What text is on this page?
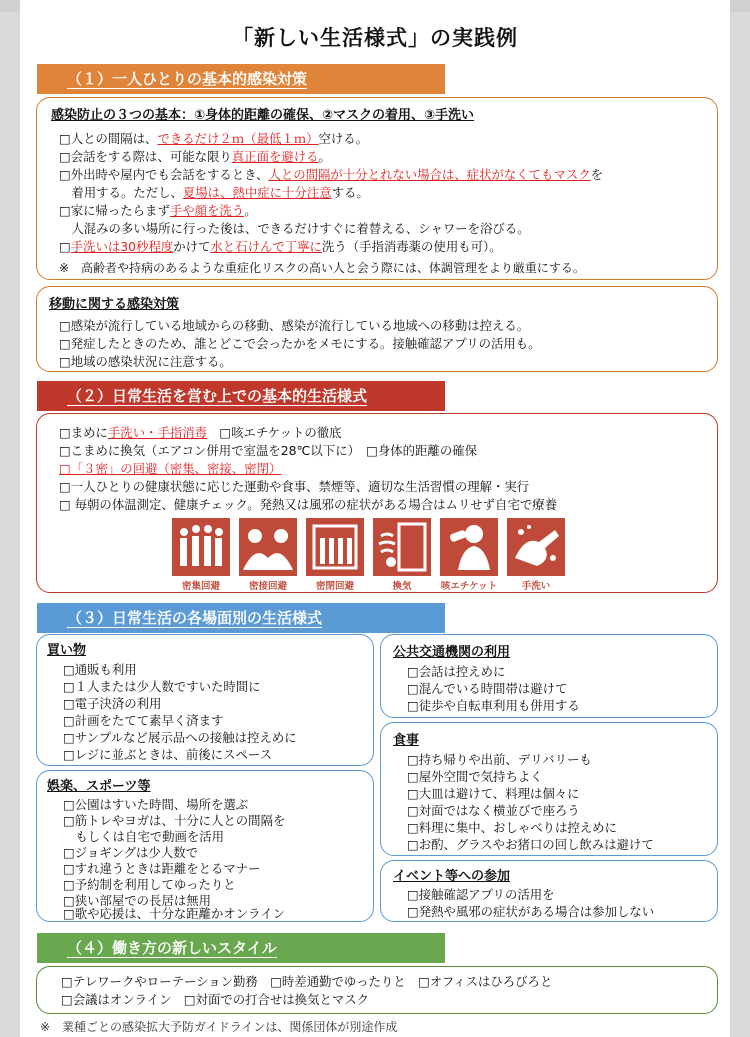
「新しい生活様式」の実践例
（１）一人ひとりの基本的感染対策
感染防止の３つの基本：①身体的距離の確保、②マスクの着用、③手洗い
□人との間隔は、できるだけ２ｍ（最低１ｍ）空ける。
□会話をする際は、可能な限り真正面を避ける。
□外出時や屋内でも会話をするとき、人との間隔が十分とれない場合は、症状がなくてもマスクを
　着用する。ただし、夏場は、熱中症に十分注意する。
□家に帰ったらまず手や顔を洗う。
　人混みの多い場所に行った後は、できるだけすぐに着替える、シャワーを浴びる。
□手洗いは30秒程度かけて水と石けんで丁寧に洗う（手指消毒薬の使用も可）。
※　高齢者や持病のあるような重症化リスクの高い人と会う際には、体調管理をより厳重にする。
移動に関する感染対策
□感染が流行している地域からの移動、感染が流行している地域への移動は控える。
□発症したときのため、誰とどこで会ったかをメモにする。接触確認アプリの活用も。
□地域の感染状況に注意する。
（２）日常生活を営む上での基本的生活様式
□まめに手洗い・手指消毒　□咳エチケットの徹底
□こまめに換気（エアコン併用で室温を28℃以下に）　□身体的距離の確保
□「３密」の回避（密集、密接、密閉）
□一人ひとりの健康状態に応じた運動や食事、禁煙等、適切な生活習慣の理解・実行
□ 毎朝の体温測定、健康チェック。発熱又は風邪の症状がある場合はムリせず自宅で療養
密集回避	密接回避	密閉回避	換気	咳エチケット	手洗い
（３）日常生活の各場面別の生活様式
買い物
□通販も利用
□１人または少人数ですいた時間に
□電子決済の利用
□計画をたてて素早く済ます
□サンプルなど展示品への接触は控えめに
□レジに並ぶときは、前後にスペース
娯楽、スポーツ等
□公園はすいた時間、場所を選ぶ
□筋トレやヨガは、十分に人との間隔を
　もしくは自宅で動画を活用
□ジョギングは少人数で
□すれ違うときは距離をとるマナー
□予約制を利用してゆったりと
□狭い部屋での長居は無用
□歌や応援は、十分な距離かオンライン
公共交通機関の利用
□会話は控えめに
□混んでいる時間帯は避けて
□徒歩や自転車利用も併用する
食事
□持ち帰りや出前、デリバリーも
□屋外空間で気持ちよく
□大皿は避けて、料理は個々に
□対面ではなく横並びで座ろう
□料理に集中、おしゃべりは控えめに
□お酌、グラスやお猪口の回し飲みは避けて
イベント等への参加
□接触確認アプリの活用を
□発熱や風邪の症状がある場合は参加しない
（４）働き方の新しいスタイル
□テレワークやローテーション勤務　□時差通勤でゆったりと　□オフィスはひろびろと
□会議はオンライン　□対面での打合せは換気とマスク
※　業種ごとの感染拡大予防ガイドラインは、関係団体が別途作成
